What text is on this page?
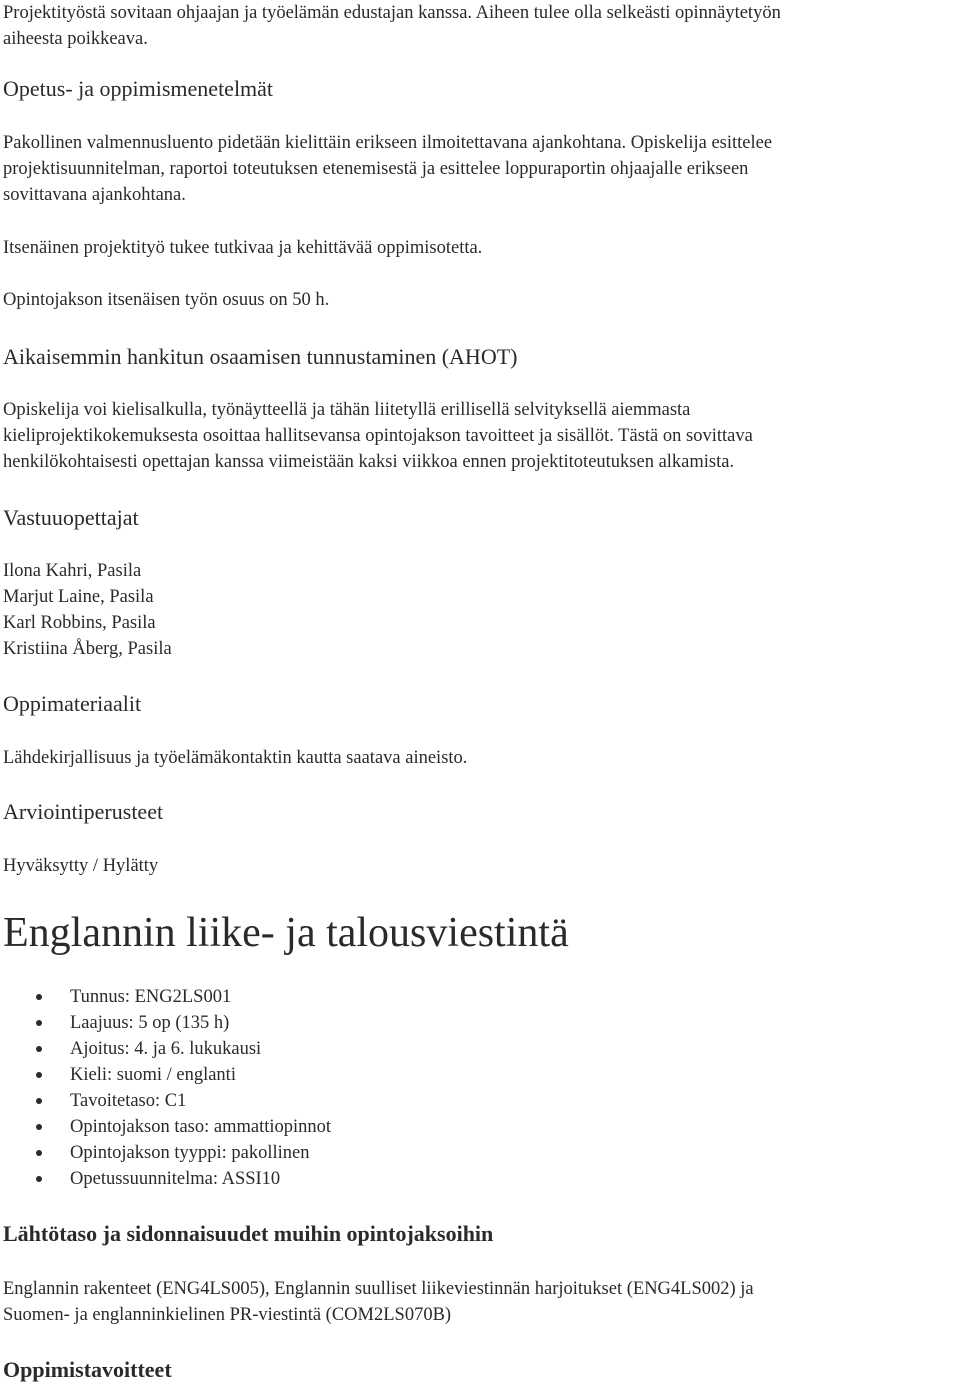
Projektityöstä sovitaan ohjaajan ja työelämän edustajan kanssa. Aiheen tulee olla selkeästi opinnäytetyön

aiheesta poikkeava.

Opetus- ja oppimismenetelmät

Pakollinen valmennusluento pidetään kielittäin erikseen ilmoitettavana ajankohtana. Opiskelija esittelee

projektisuunnitelman, raportoi toteutuksen etenemisestä ja esittelee loppuraportin ohjaajalle erikseen

sovittavana ajankohtana.

Itsenäinen projektityö tukee tutkivaa ja kehittävää oppimisotetta.

Opintojakson itsenäisen työn osuus on 50 h.

Aikaisemmin hankitun osaamisen tunnustaminen (AHOT)

Opiskelija voi kielisalkulla, työnäytteellä ja tähän liitetyllä erillisellä selvityksellä aiemmasta

kieliprojektikokemuksesta osoittaa hallitsevansa opintojakson tavoitteet ja sisällöt. Tästä on sovittava

henkilökohtaisesti opettajan kanssa viimeistään kaksi viikkoa ennen projektitoteutuksen alkamista.

Vastuuopettajat

Ilona Kahri, Pasila

Marjut Laine, Pasila

Karl Robbins, Pasila

Kristiina Åberg, Pasila

Oppimateriaalit

Lähdekirjallisuus ja työelämäkontaktin kautta saatava aineisto.

Arviointiperusteet

Hyväksytty / Hylätty

Englannin liike- ja talousviestintä
Tunnus: ENG2LS001
Laajuus: 5 op (135 h)
Ajoitus: 4. ja 6. lukukausi
Kieli: suomi / englanti
Tavoitetaso: C1
Opintojakson taso: ammattiopinnot
Opintojakson tyyppi: pakollinen
Opetussuunnitelma: ASSI10
Lähtötaso ja sidonnaisuudet muihin opintojaksoihin

Englannin rakenteet (ENG4LS005), Englannin suulliset liikeviestinnän harjoitukset (ENG4LS002) ja

Suomen- ja englanninkielinen PR-viestintä (COM2LS070B)

Oppimistavoitteet
